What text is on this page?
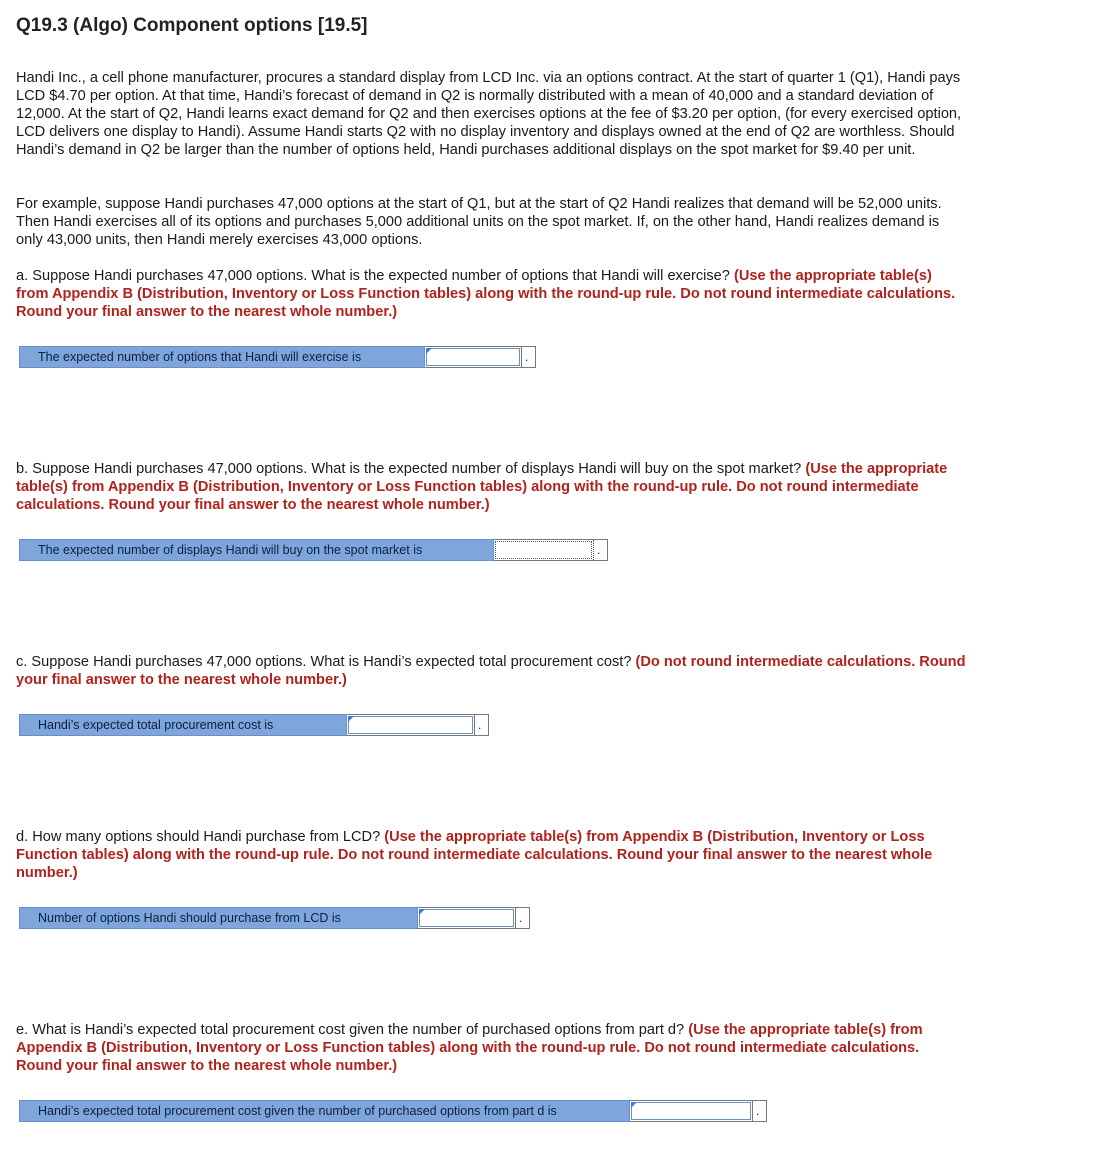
Q19.3 (Algo) Component options [19.5]
Handi Inc., a cell phone manufacturer, procures a standard display from LCD Inc. via an options contract. At the start of quarter 1 (Q1), Handi pays LCD $4.70 per option. At that time, Handi’s forecast of demand in Q2 is normally distributed with a mean of 40,000 and a standard deviation of 12,000. At the start of Q2, Handi learns exact demand for Q2 and then exercises options at the fee of $3.20 per option, (for every exercised option, LCD delivers one display to Handi). Assume Handi starts Q2 with no display inventory and displays owned at the end of Q2 are worthless. Should Handi’s demand in Q2 be larger than the number of options held, Handi purchases additional displays on the spot market for $9.40 per unit.
For example, suppose Handi purchases 47,000 options at the start of Q1, but at the start of Q2 Handi realizes that demand will be 52,000 units. Then Handi exercises all of its options and purchases 5,000 additional units on the spot market. If, on the other hand, Handi realizes demand is only 43,000 units, then Handi merely exercises 43,000 options.
a. Suppose Handi purchases 47,000 options. What is the expected number of options that Handi will exercise? (Use the appropriate table(s) from Appendix B (Distribution, Inventory or Loss Function tables) along with the round-up rule. Do not round intermediate calculations. Round your final answer to the nearest whole number.)
The expected number of options that Handi will exercise is	.
b. Suppose Handi purchases 47,000 options. What is the expected number of displays Handi will buy on the spot market? (Use the appropriate table(s) from Appendix B (Distribution, Inventory or Loss Function tables) along with the round-up rule. Do not round intermediate calculations. Round your final answer to the nearest whole number.)
The expected number of displays Handi will buy on the spot market is	.
c. Suppose Handi purchases 47,000 options. What is Handi’s expected total procurement cost? (Do not round intermediate calculations. Round your final answer to the nearest whole number.)
Handi’s expected total procurement cost is	.
d. How many options should Handi purchase from LCD? (Use the appropriate table(s) from Appendix B (Distribution, Inventory or Loss Function tables) along with the round-up rule. Do not round intermediate calculations. Round your final answer to the nearest whole number.)
Number of options Handi should purchase from LCD is	.
e. What is Handi’s expected total procurement cost given the number of purchased options from part d? (Use the appropriate table(s) from Appendix B (Distribution, Inventory or Loss Function tables) along with the round-up rule. Do not round intermediate calculations. Round your final answer to the nearest whole number.)
Handi’s expected total procurement cost given the number of purchased options from part d is	.
